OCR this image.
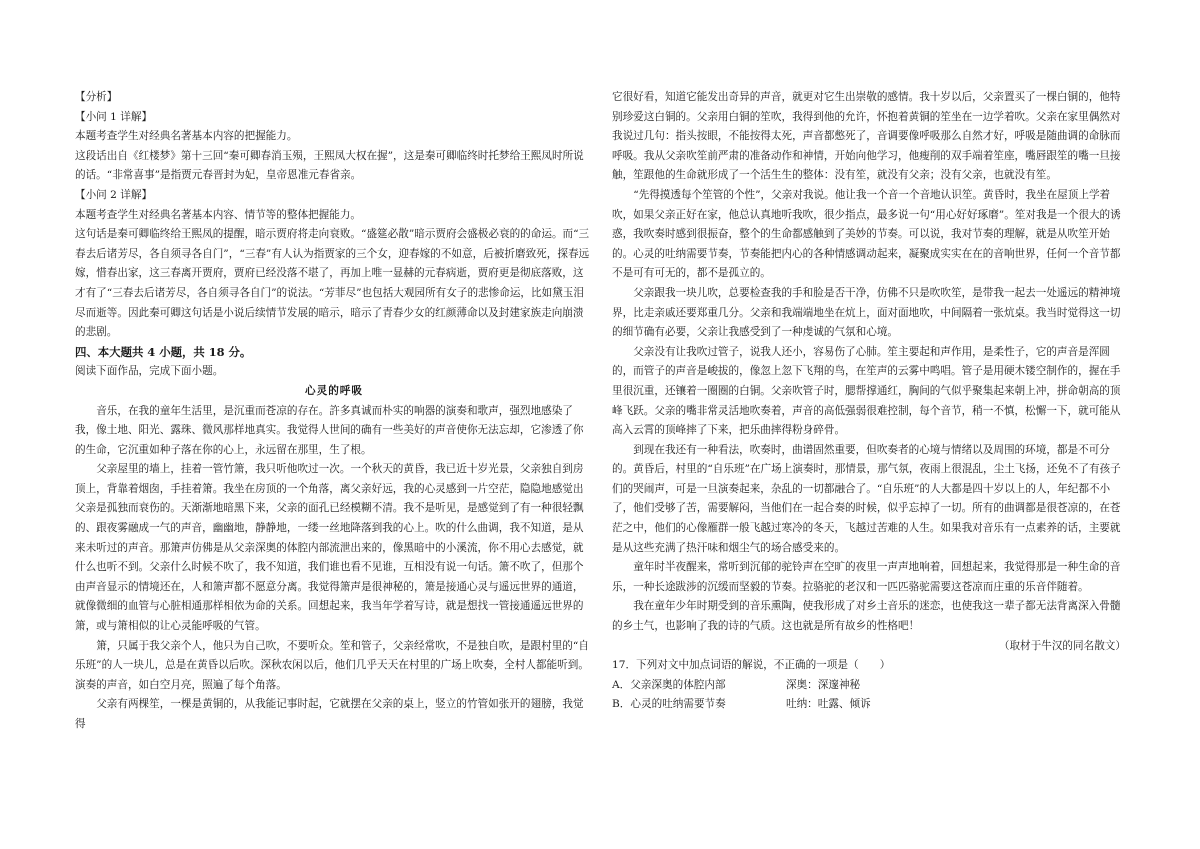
【分析】

【小问 1 详解】

本题考查学生对经典名著基本内容的把握能力。

这段话出自《红楼梦》第十三回“秦可卿春消玉殒，王熙凤大权在握”，这是秦可卿临终时托梦给王熙凤时所说的话。“非常喜事”是指贾元春晋封为妃，皇帝恩准元春省亲。

【小问 2 详解】

本题考查学生对经典名著基本内容、情节等的整体把握能力。

这句话是秦可卿临终给王熙凤的提醒，暗示贾府将走向衰败。“盛筵必散”暗示贾府会盛极必衰的的命运。而“三春去后诸芳尽，各自须寻各自门”，“三春”有人认为指贾家的三个女，迎春嫁的不如意，后被折磨致死，探春远嫁，惜春出家，这三春离开贾府，贾府已经没落不堪了，再加上唯一显赫的元春病逝，贾府更是彻底落败，这才有了“三春去后诸芳尽，各自须寻各自门”的说法。“芳菲尽”也包括大观园所有女子的悲惨命运，比如黛玉泪尽而逝等。因此秦可卿这句话是小说后续情节发展的暗示，暗示了青春少女的红颜薄命以及封建家族走向崩溃的悲剧。

四、本大题共 4 小题，共 18 分。

阅读下面作品，完成下面小题。

心灵的呼吸

音乐，在我的童年生活里，是沉重而苍凉的存在。許多真诚而朴实的响器的演奏和歌声，强烈地感染了我，像土地、阳光、露珠、微风那样地真实。我觉得人世间的确有一些美好的声音使你无法忘却，它渗透了你的生命，它沉重如种子落在你的心上，永远留在那里，生了根。

父亲屋里的墙上，挂着一管竹箫，我只听他吹过一次。一个秋天的黄昏，我已近十岁光景，父亲独自到房顶上，背靠着烟囱，手挂着箫。我坐在房顶的一个角落，离父亲好远，我的心灵感到一片空茫，隐隐地感觉出父亲是孤独而衰伤的。天渐渐地暗黑下来，父亲的面孔已经模糊不清。我不是听见，是感觉到了有一种很轻飘的、跟夜雾融成一气的声音，幽幽地，静静地，一缕一丝地降落到我的心上。吹的什么曲调，我不知道，是从来未听过的声音。那箫声仿佛是从父亲深奥的体腔内部流泄出来的，像黑暗中的小溪流，你不用心去感觉，就什么也听不到。父亲什么时候不吹了，我不知道，我们谁也看不见谁，互相没有说一句话。箫不吹了，但那个由声音显示的情境还在，人和箫声都不愿意分离。我觉得箫声是很神秘的，箫是接通心灵与遥远世界的通道，就像微细的血管与心脏相通那样相依为命的关系。回想起来，我当年学着写诗，就是想找一管接通遥远世界的箫，或与箫相似的让心灵能呼吸的气管。

箫，只属于我父亲个人，他只为自己吹，不要听众。笙和管子，父亲经常吹，不是独自吹，是跟村里的“自乐班”的人一块儿，总是在黄昏以后吹。深秋农闲以后，他们几乎天天在村里的广场上吹奏，全村人都能听到。演奏的声音，如白空月亮，照遍了每个角落。

父亲有两棵笙，一棵是黄铜的，从我能记事时起，它就摆在父亲的桌上，竖立的竹管如张开的翅膀，我觉得

它很好看，知道它能发出奇异的声音，就更对它生出崇敬的感情。我十岁以后，父亲置买了一棵白铜的，他特别珍爱这白铜的。父亲用白铜的笙吹，我得到他的允许，怀抱着黄铜的笙坐在一边学着吹。父亲在家里偶然对我说过几句：指头按眼，不能按得太死，声音都憋死了，音调要像呼吸那么自然才好，呼吸是随曲调的命脉而呼吸。我从父亲吹笙前严肃的准备动作和神情，开始向他学习，他瘦削的双手端着笙座，嘴唇跟笙的嘴一旦接触，笙跟他的生命就形成了一个活生生的整体：没有笙，就没有父亲；没有父亲，也就没有笙。

“先得摸透每个笙管的个性”，父亲对我说。他让我一个音一个音地认识笙。黄昏时，我坐在屋顶上学着吹，如果父亲正好在家，他总认真地听我吹，很少指点，最多说一句“用心好好琢磨”。笙对我是一个很大的诱惑，我吹奏时感到很振奋，整个的生命都感触到了美妙的节奏。可以说，我对节奏的理解，就是从吹笙开始的。心灵的吐纳需要节奏，节奏能把内心的各种情感调动起来，凝聚成实实在在的音响世界，任何一个音节都不是可有可无的，都不是孤立的。

父亲跟我一块儿吹，总要检查我的手和脸是否干净，仿佛不只是吹吹笙，是带我一起去一处遥远的精神境界，比走亲戚还要郑重几分。父亲和我端端地坐在炕上，面对面地吹，中间隔着一张炕桌。我当时觉得这一切的细节确有必要，父亲让我感受到了一种虔诚的气氛和心境。

父亲没有让我吹过管子，说我人还小，容易伤了心肺。笙主要起和声作用，是柔性子，它的声音是浑圆的，而管子的声音是峻拔的，像忽上忽下飞翔的鸟，在笙声的云雾中鸣唱。管子是用硬木镂空制作的，握在手里很沉重，还镶着一圈圈的白铜。父亲吹管子时，腮帮撑通红，胸间的气似乎聚集起来朝上冲，拼命朝高的顶峰飞跃。父亲的嘴非常灵活地吹奏着，声音的高低强弱很难控制，每个音节，稍一不慎，松懈一下，就可能从高入云霄的顶峰摔了下来，把乐曲摔得粉身碎骨。

到现在我还有一种看法，吹奏时，曲谱固然重要，但吹奏者的心境与情绪以及周围的环境，都是不可分的。黄昏后，村里的“自乐班”在广场上演奏时，那情景，那气氛，夜雨上很混乱，尘土飞扬，还免不了有孩子们的哭闹声，可是一旦演奏起来，杂乱的一切都融合了。“自乐班”的人大都是四十岁以上的人，年纪都不小了，他们受够了苦，需要解闷，当他们在一起合奏的时候，似乎忘掉了一切。所有的曲调都是很苍凉的，在苍茫之中，他们的心像雁群一般飞越过寒冷的冬天，飞越过苦难的人生。如果我对音乐有一点素养的话，主要就是从这些充满了热汗味和烟尘气的场合感受来的。

童年时半夜醒来，常听到沉郁的驼铃声在空旷的夜里一声声地响着，回想起来，我觉得那是一种生命的音乐，一种长途跋涉的沉缓而坚毅的节奏。拉骆驼的老汉和一匹匹骆驼需要这苍凉而庄重的乐音伴随着。

我在童年少年时期受到的音乐熏陶，使我形成了对乡土音乐的迷恋，也使我这一辈子都无法背离深入骨髓的乡土气，也影响了我的诗的气质。这也就是所有故乡的性格吧！

（取材于牛汉的同名散文）

17．下列对文中加点词语的解说，不正确的一项是（　　）

A．父亲深奥的体腔内部	深奥：深邃神秘
B．心灵的吐纳需要节奏	吐纳：吐露、倾诉
